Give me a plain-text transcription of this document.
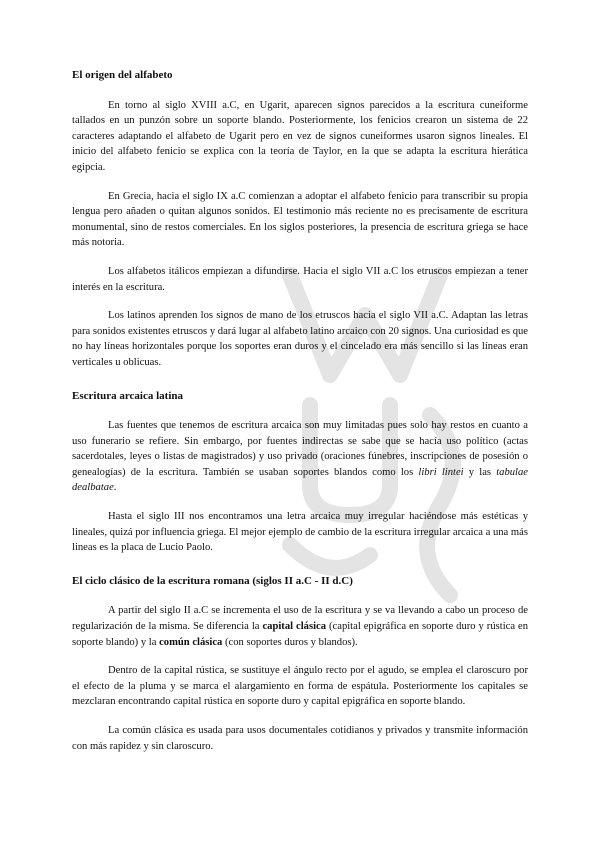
El origen del alfabeto

En torno al siglo XVIII a.C, en Ugarit, aparecen signos parecidos a la escritura cuneiforme tallados en un punzón sobre un soporte blando. Posteriormente, los fenicios crearon un sistema de 22 caracteres adaptando el alfabeto de Ugarit pero en vez de signos cuneiformes usaron signos lineales. El inicio del alfabeto fenicio se explica con la teoría de Taylor, en la que se adapta la escritura hierática egipcia.

En Grecia, hacia el siglo IX a.C comienzan a adoptar el alfabeto fenicio para transcribir su propia lengua pero añaden o quitan algunos sonidos. El testimonio más reciente no es precisamente de escritura monumental, sino de restos comerciales. En los siglos posteriores, la presencia de escritura griega se hace más notoria.

Los alfabetos itálicos empiezan a difundirse. Hacia el siglo VII a.C los etruscos empiezan a tener interés en la escritura.

Los latinos aprenden los signos de mano de los etruscos hacia el siglo VII a.C. Adaptan las letras para sonidos existentes etruscos y dará lugar al alfabeto latino arcaico con 20 signos. Una curiosidad es que no hay líneas horizontales porque los soportes eran duros y el cincelado era más sencillo si las líneas eran verticales u oblicuas.

Escritura arcaica latina

Las fuentes que tenemos de escritura arcaica son muy limitadas pues solo hay restos en cuanto a uso funerario se refiere. Sin embargo, por fuentes indirectas se sabe que se hacía uso político (actas sacerdotales, leyes o listas de magistrados) y uso privado (oraciones fúnebres, inscripciones de posesión o genealogías) de la escritura. También se usaban soportes blandos como los libri lintei y las tabulae dealbatae.

Hasta el siglo III nos encontramos una letra arcaica muy irregular haciéndose más estéticas y lineales, quizá por influencia griega. El mejor ejemplo de cambio de la escritura irregular arcaica a una más lineas es la placa de Lucio Paolo.

El ciclo clásico de la escritura romana (siglos II a.C - II d.C)

A partir del siglo II a.C se incrementa el uso de la escritura y se va llevando a cabo un proceso de regularización de la misma. Se diferencia la capital clásica (capital epigráfica en soporte duro y rústica en soporte blando) y la común clásica (con soportes duros y blandos).

Dentro de la capital rústica, se sustituye el ángulo recto por el agudo, se emplea el claroscuro por el efecto de la pluma y se marca el alargamiento en forma de espátula. Posteriormente los capitales se mezclaran encontrando capital rústica en soporte duro y capital epigráfica en soporte blando.

La común clásica es usada para usos documentales cotidianos y privados y transmite información con más rapidez y sin claroscuro.
